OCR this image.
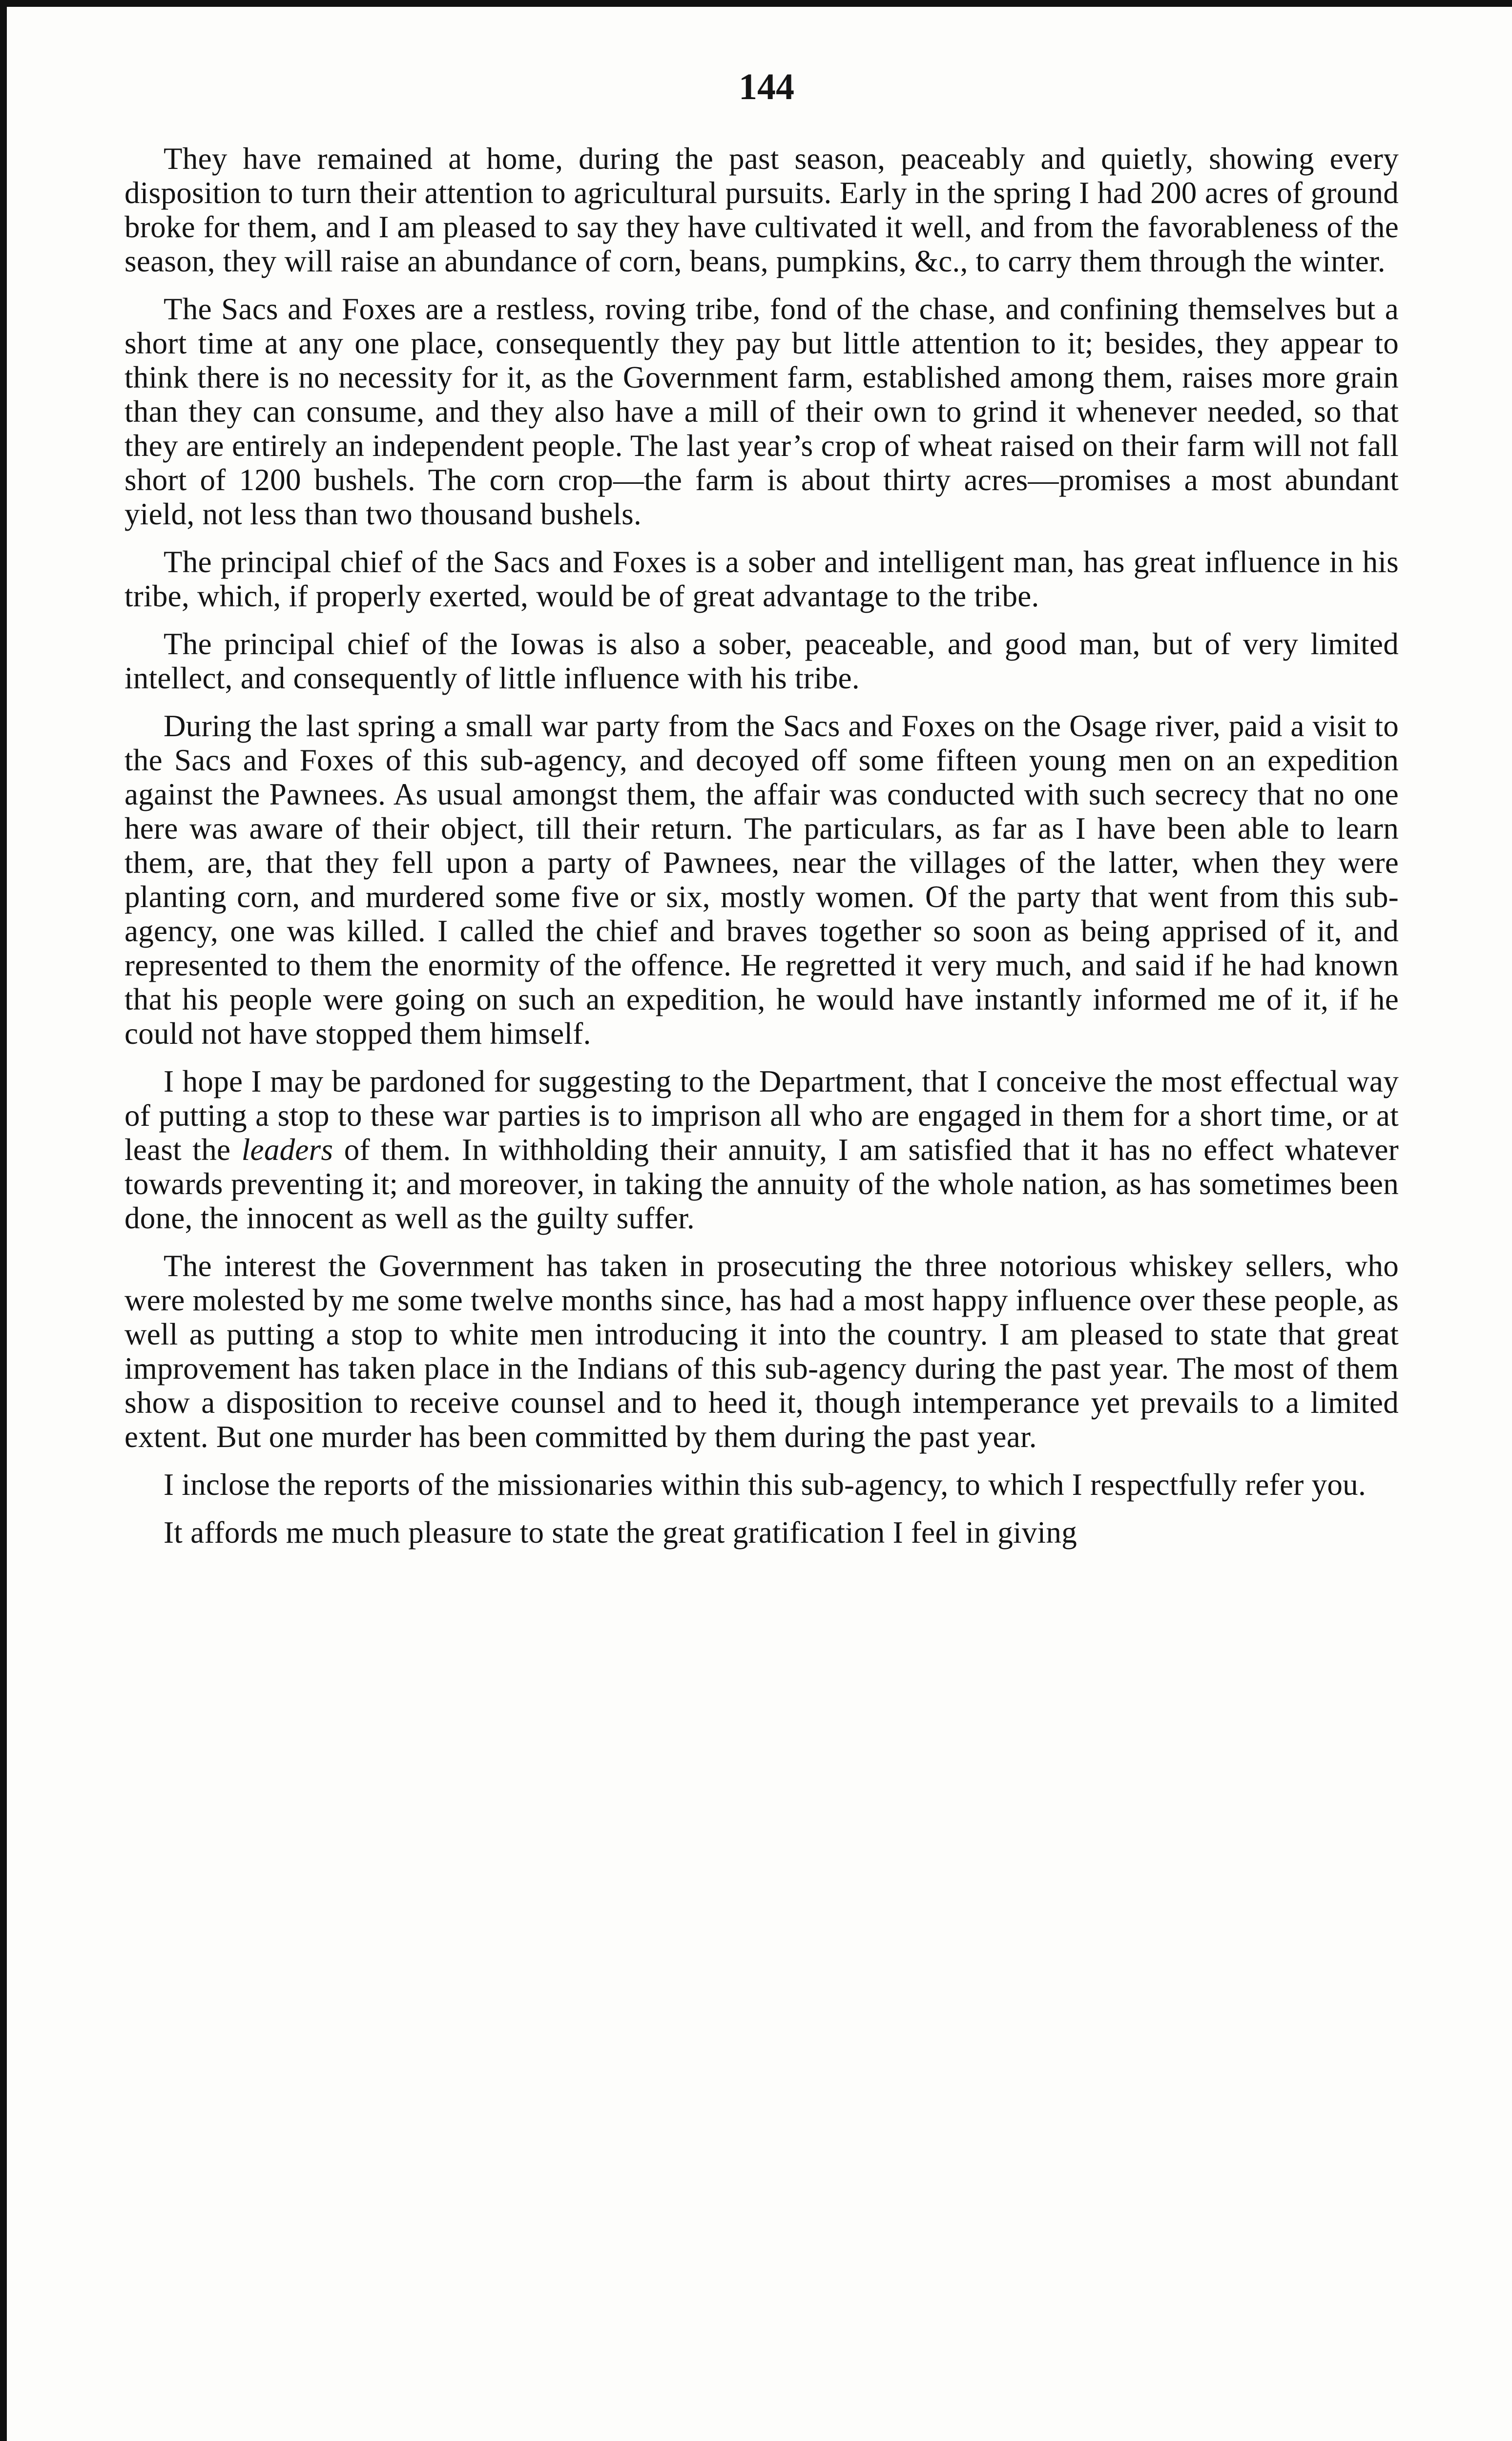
144

They have remained at home, during the past season, peaceably and quietly, showing every disposition to turn their attention to agricultural pursuits. Early in the spring I had 200 acres of ground broke for them, and I am pleased to say they have cultivated it well, and from the favorableness of the season, they will raise an abundance of corn, beans, pumpkins, &c., to carry them through the winter.

The Sacs and Foxes are a restless, roving tribe, fond of the chase, and confining themselves but a short time at any one place, consequently they pay but little attention to it; besides, they appear to think there is no necessity for it, as the Government farm, established among them, raises more grain than they can consume, and they also have a mill of their own to grind it whenever needed, so that they are entirely an independent people. The last year’s crop of wheat raised on their farm will not fall short of 1200 bushels. The corn crop—the farm is about thirty acres—promises a most abundant yield, not less than two thousand bushels.

The principal chief of the Sacs and Foxes is a sober and intelligent man, has great influence in his tribe, which, if properly exerted, would be of great advantage to the tribe.

The principal chief of the Iowas is also a sober, peaceable, and good man, but of very limited intellect, and consequently of little influence with his tribe.

During the last spring a small war party from the Sacs and Foxes on the Osage river, paid a visit to the Sacs and Foxes of this sub-agency, and decoyed off some fifteen young men on an expedition against the Pawnees. As usual amongst them, the affair was conducted with such secrecy that no one here was aware of their object, till their return. The particulars, as far as I have been able to learn them, are, that they fell upon a party of Pawnees, near the villages of the latter, when they were planting corn, and murdered some five or six, mostly women. Of the party that went from this sub-agency, one was killed. I called the chief and braves together so soon as being apprised of it, and represented to them the enormity of the offence. He regretted it very much, and said if he had known that his people were going on such an expedition, he would have instantly informed me of it, if he could not have stopped them himself.

I hope I may be pardoned for suggesting to the Department, that I conceive the most effectual way of putting a stop to these war parties is to imprison all who are engaged in them for a short time, or at least the leaders of them. In withholding their annuity, I am satisfied that it has no effect whatever towards preventing it; and moreover, in taking the annuity of the whole nation, as has sometimes been done, the innocent as well as the guilty suffer.

The interest the Government has taken in prosecuting the three notorious whiskey sellers, who were molested by me some twelve months since, has had a most happy influence over these people, as well as putting a stop to white men introducing it into the country. I am pleased to state that great improvement has taken place in the Indians of this sub-agency during the past year. The most of them show a disposition to receive counsel and to heed it, though intemperance yet prevails to a limited extent. But one murder has been committed by them during the past year.

I inclose the reports of the missionaries within this sub-agency, to which I respectfully refer you.

It affords me much pleasure to state the great gratification I feel in giving
